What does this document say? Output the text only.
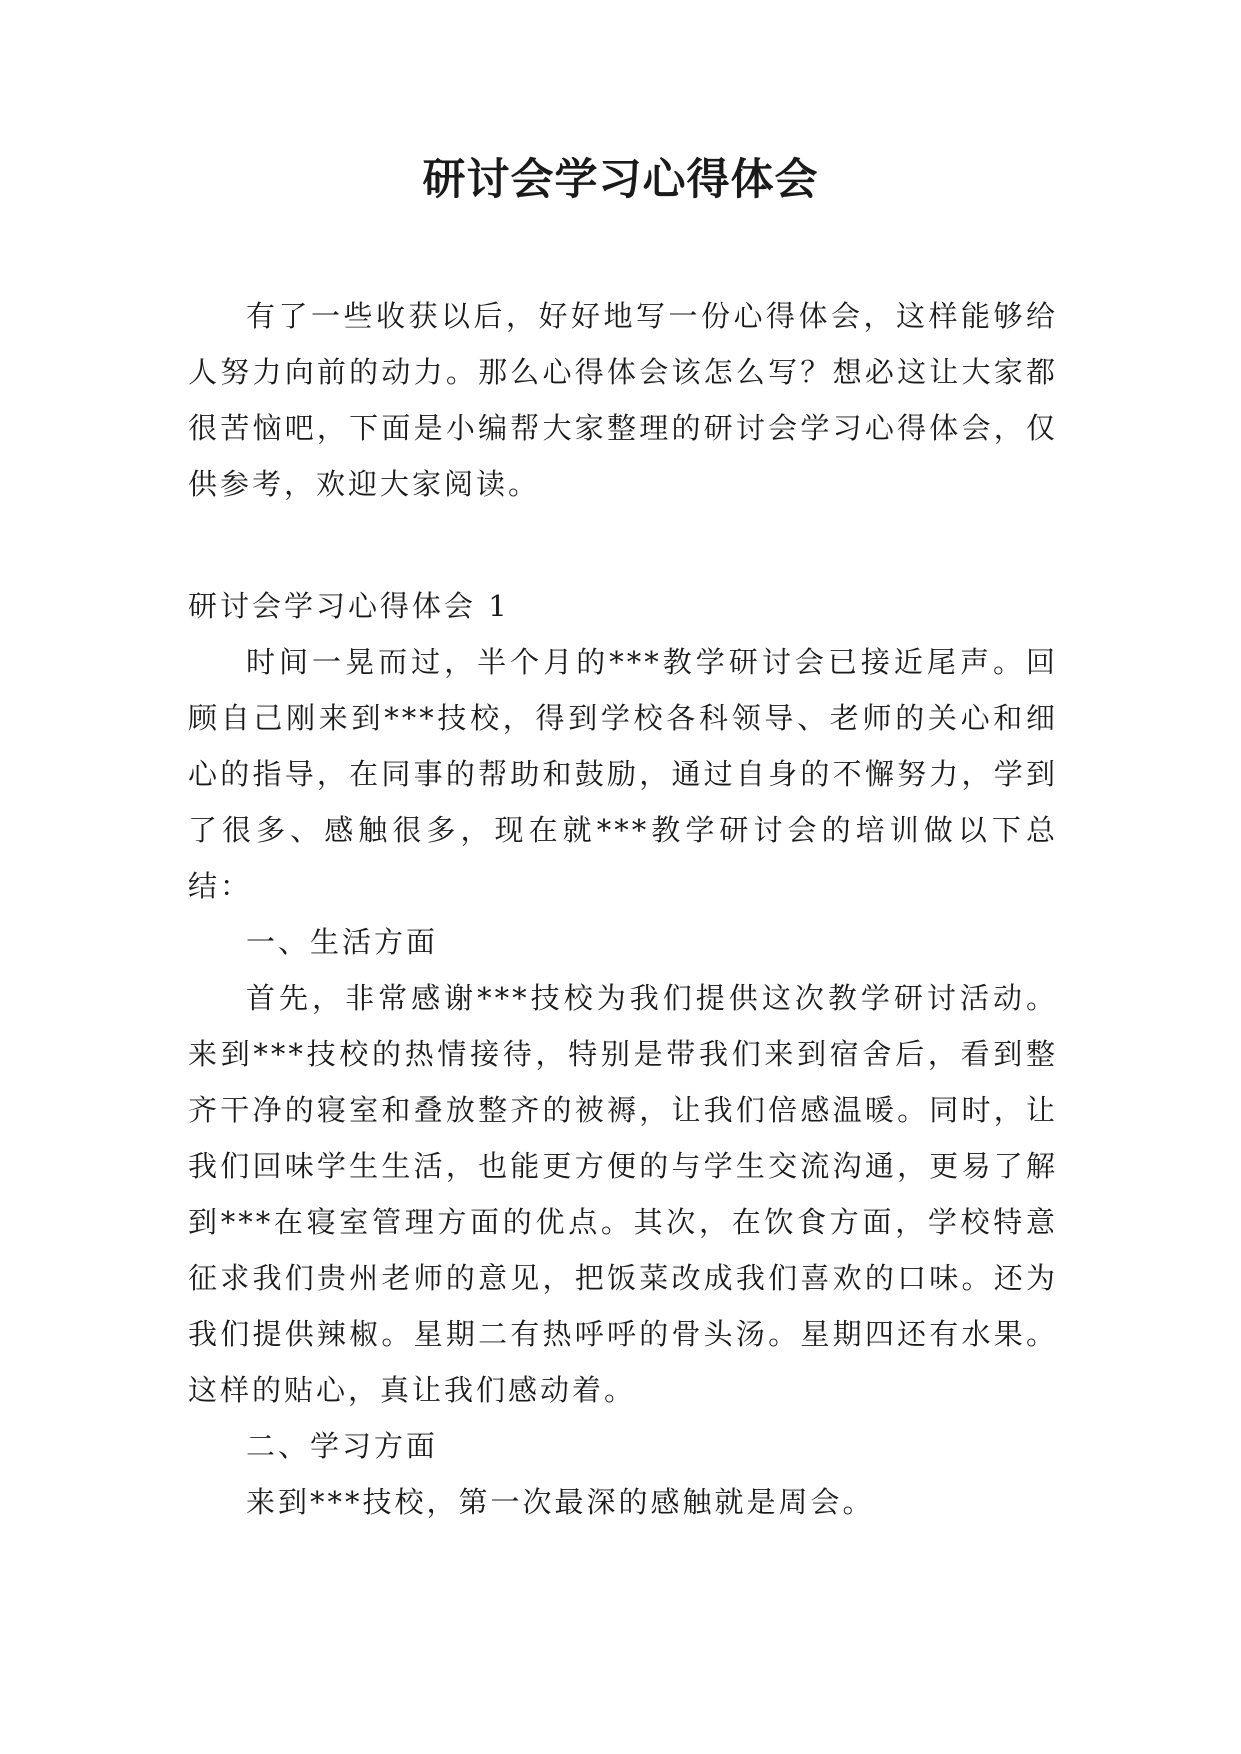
研讨会学习心得体会

有了一些收获以后，好好地写一份心得体会，这样能够给人努力向前的动力。那么心得体会该怎么写？想必这让大家都很苦恼吧，下面是小编帮大家整理的研讨会学习心得体会，仅供参考，欢迎大家阅读。

研讨会学习心得体会 1

时间一晃而过，半个月的***教学研讨会已接近尾声。回顾自己刚来到***技校，得到学校各科领导、老师的关心和细心的指导，在同事的帮助和鼓励，通过自身的不懈努力，学到了很多、感触很多，现在就***教学研讨会的培训做以下总结：

一、生活方面

首先，非常感谢***技校为我们提供这次教学研讨活动。来到***技校的热情接待，特别是带我们来到宿舍后，看到整齐干净的寝室和叠放整齐的被褥，让我们倍感温暖。同时，让我们回味学生生活，也能更方便的与学生交流沟通，更易了解到***在寝室管理方面的优点。其次，在饮食方面，学校特意征求我们贵州老师的意见，把饭菜改成我们喜欢的口味。还为我们提供辣椒。星期二有热呼呼的骨头汤。星期四还有水果。这样的贴心，真让我们感动着。

二、学习方面

来到***技校，第一次最深的感触就是周会。
